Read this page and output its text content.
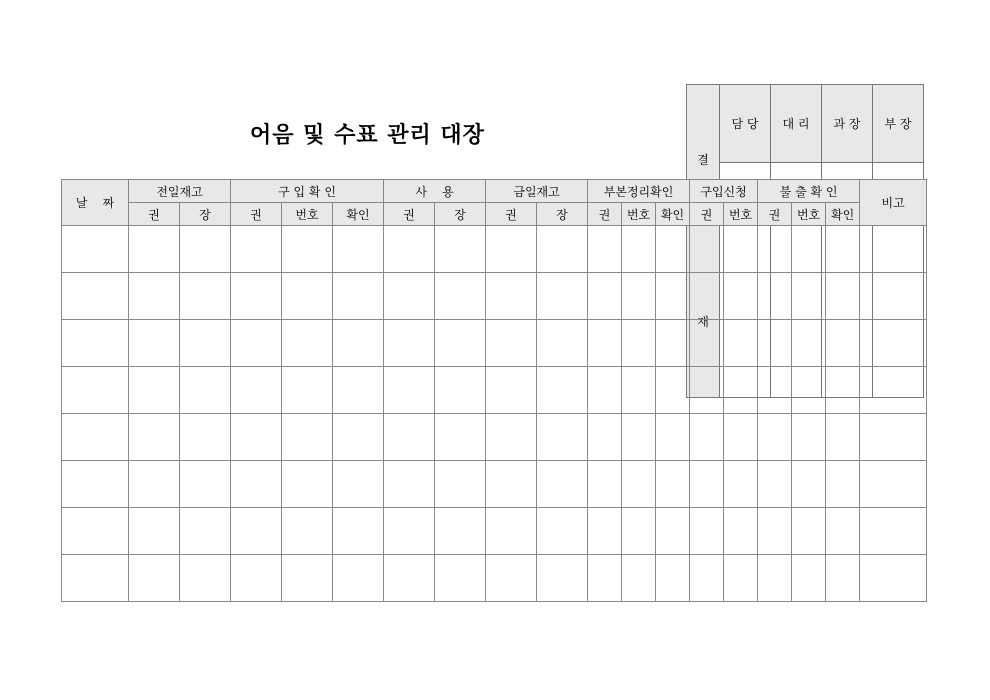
어음 및 수표 관리 대장

결

재	담 당	대 리	과 장	부 장

날    짜	전일재고		구 입 확 인			사    용		금일재고		부본정리확인			구입신청		불 출 확 인			비고
	권	장	권	번호	확인	권	장	권	장	권	번호	확인	권	번호	권	번호	확인	
